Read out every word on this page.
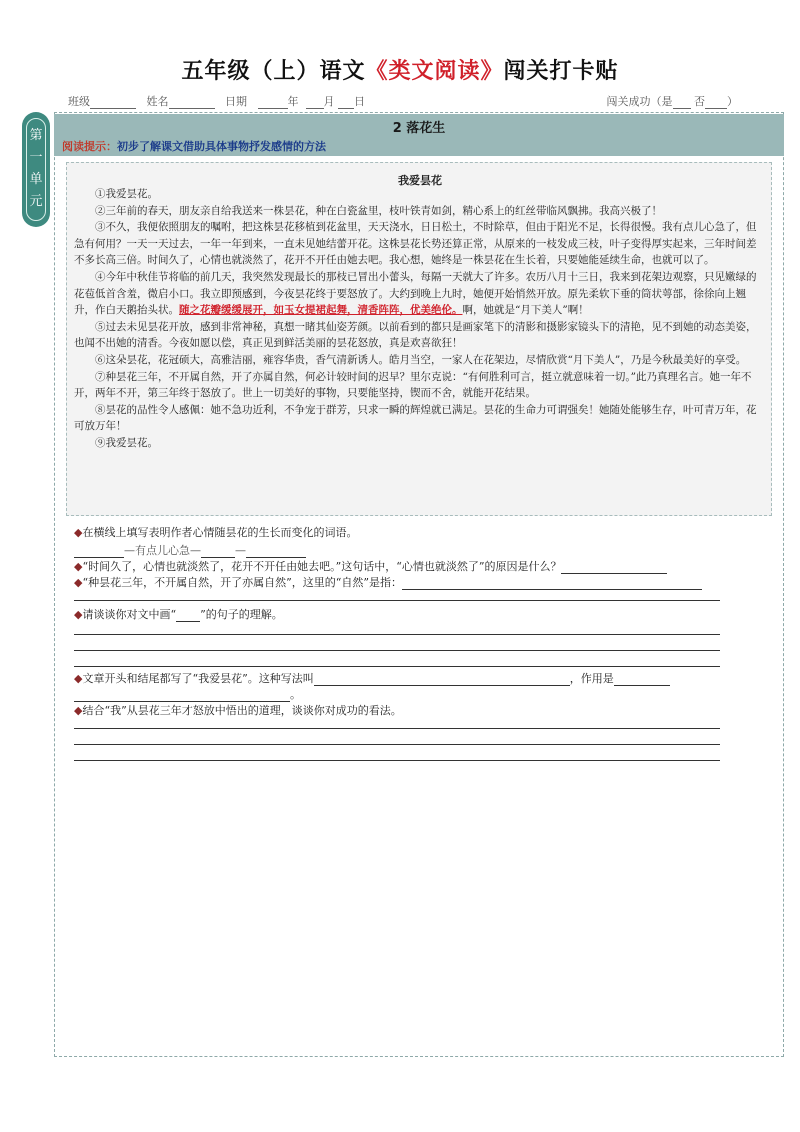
五年级（上）语文《类文阅读》闯关打卡贴
班级	姓名	日期	年 月 日	闯关成功（是 否 ）
2 落花生
阅读提示：初步了解课文借助具体事物抒发感情的方法
第
一
单
元
我爱昙花

①我爱昙花。

②三年前的春天，朋友亲自给我送来一株昙花，种在白瓷盆里，枝叶铁青如剑，精心系上的红丝带临风飘拂。我高兴极了！

③不久，我便依照朋友的嘱咐，把这株昙花移植到花盆里，天天浇水，日日松土，不时除草，但由于阳光不足，长得很慢。我有点儿心急了，但急有何用？一天一天过去，一年一年到来，一直未见她结蕾开花。这株昙花长势还算正常，从原来的一枝发成三枝，叶子变得厚实起来，三年时间差不多长高三倍。时间久了，心情也就淡然了，花开不开任由她去吧。我心想，她终是一株昙花在生长着，只要她能延续生命，也就可以了。

④今年中秋佳节将临的前几天，我突然发现最长的那枝已冒出小蕾头，每隔一天就大了许多。农历八月十三日，我来到花架边观察，只见嫩绿的花苞低首含羞，微启小口。我立即预感到，今夜昙花终于要怒放了。大约到晚上九时，她便开始悄然开放。原先柔软下垂的筒状萼部，徐徐向上翘升，作白天鹅抬头状。随之花瓣缓缓展开，如玉女提裙起舞，清香阵阵，优美绝伦。啊，她就是“月下美人”啊！

⑤过去未见昙花开放，感到非常神秘，真想一睹其仙姿芳颜。以前看到的都只是画家笔下的清影和摄影家镜头下的清艳，见不到她的动态美姿，也闻不出她的清香。今夜如愿以偿，真正见到鲜活美丽的昙花怒放，真是欢喜欲狂！

⑥这朵昙花，花冠硕大，高雅洁丽，雍容华贵，香气清新诱人。皓月当空，一家人在花架边，尽情欣赏“月下美人”，乃是今秋最美好的享受。

⑦种昙花三年，不开属自然，开了亦属自然，何必计较时间的迟早？里尔克说：“有何胜利可言，挺立就意味着一切。”此乃真理名言。她一年不开，两年不开，第三年终于怒放了。世上一切美好的事物，只要能坚持，锲而不舍，就能开花结果。

⑧昙花的品性令人感佩：她不急功近利，不争宠于群芳，只求一瞬的辉煌就已满足。昙花的生命力可谓强矣！她随处能够生存，叶可青万年，花可放万年！

⑨我爱昙花。

◆在横线上填写表明作者心情随昙花的生长而变化的词语。
—有点儿心急—	—
◆“时间久了，心情也就淡然了，花开不开任由她去吧。”这句话中，“心情也就淡然了”的原因是什么？
◆“种昙花三年，不开属自然，开了亦属自然”，这里的“自然”是指：
◆请谈谈你对文中画“ ”的句子的理解。
◆文章开头和结尾都写了“我爱昙花”。这种写法叫	，作用是
。
◆结合“我”从昙花三年才怒放中悟出的道理，谈谈你对成功的看法。
